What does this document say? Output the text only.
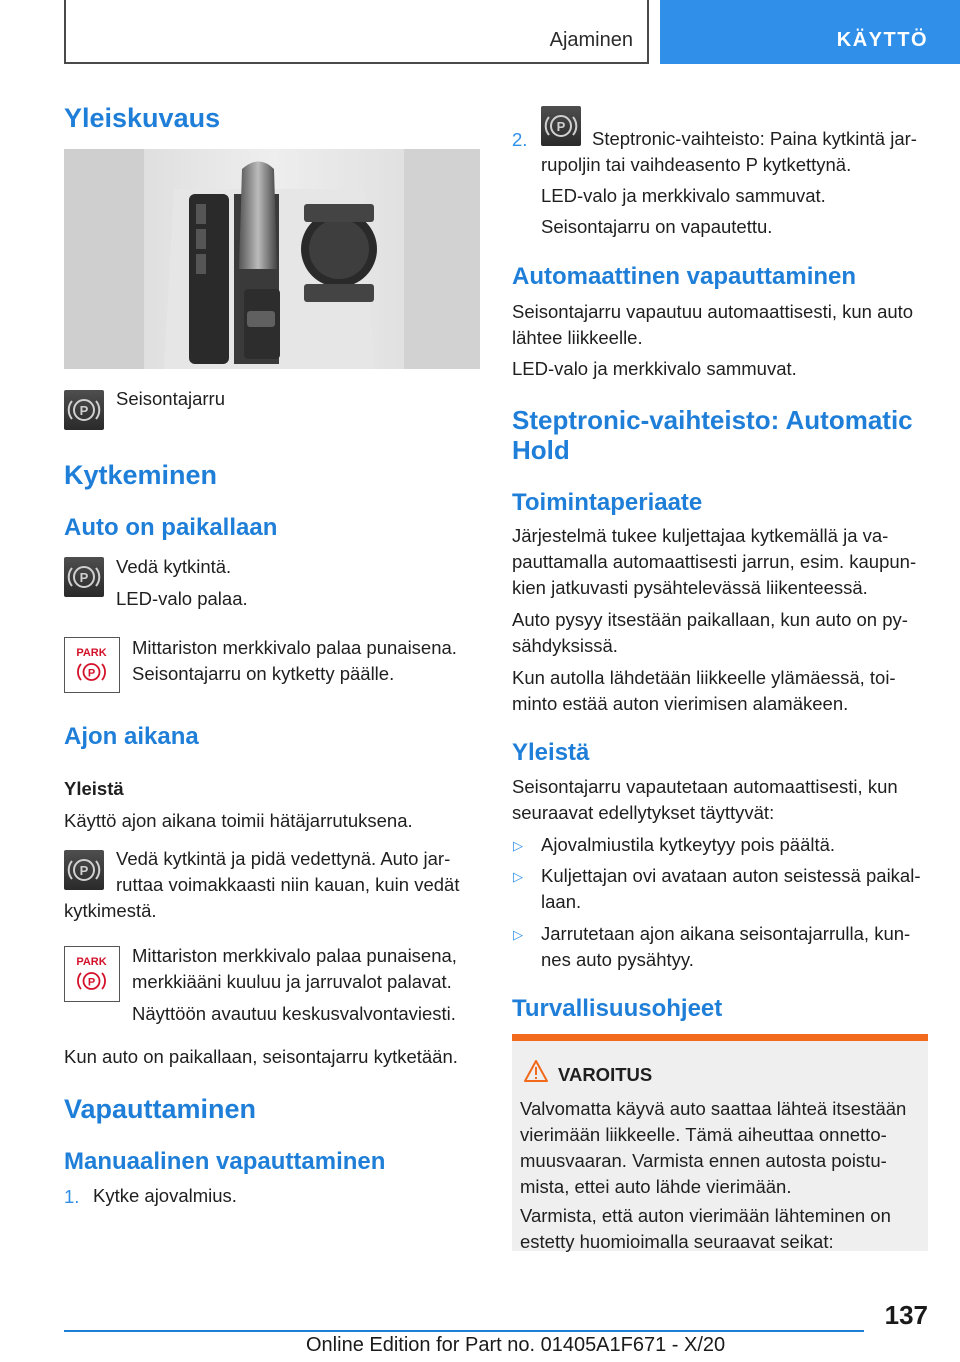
Ajaminen	KÄYTTÖ
Yleiskuvaus
P
Seisontajarru
Kytkeminen
Auto on paikallaan
P
Vedä kytkintä.
LED-valo palaa.
PARK
P
Mittariston merkkivalo palaa punaisena.
Seisontajarru on kytketty päälle.
Ajon aikana
Yleistä
Käyttö ajon aikana toimii hätäjarrutuksena.
P
Vedä kytkintä ja pidä vedettynä. Auto jar-
ruttaa voimakkaasti niin kauan, kuin vedät
kytkimestä.
PARK
P
Mittariston merkkivalo palaa punaisena,
merkkiääni kuuluu ja jarruvalot palavat.
Näyttöön avautuu keskusvalvontaviesti.
Kun auto on paikallaan, seisontajarru kytketään.
Vapauttaminen
Manuaalinen vapauttaminen
1. Kytke ajovalmius.
2.
P
Steptronic-vaihteisto: Paina kytkintä jar-
rupoljin tai vaihdeasento P kytkettynä.
LED-valo ja merkkivalo sammuvat.
Seisontajarru on vapautettu.
Automaattinen vapauttaminen
Seisontajarru vapautuu automaattisesti, kun auto
lähtee liikkeelle.
LED-valo ja merkkivalo sammuvat.
Steptronic-vaihteisto: Automatic
Hold
Toimintaperiaate
Järjestelmä tukee kuljettajaa kytkemällä ja va-
pauttamalla automaattisesti jarrun, esim. kaupun-
kien jatkuvasti pysähtelevässä liikenteessä.
Auto pysyy itsestään paikallaan, kun auto on py-
sähdyksissä.
Kun autolla lähdetään liikkeelle ylämäessä, toi-
minto estää auton vierimisen alamäkeen.
Yleistä
Seisontajarru vapautetaan automaattisesti, kun
seuraavat edellytykset täyttyvät:
▷ Ajovalmiustila kytkeytyy pois päältä.
▷ Kuljettajan ovi avataan auton seistessä paikal-
laan.
▷ Jarrutetaan ajon aikana seisontajarrulla, kun-
nes auto pysähtyy.
Turvallisuusohjeet
VAROITUS
Valvomatta käyvä auto saattaa lähteä itsestään
vierimään liikkeelle. Tämä aiheuttaa onnetto-
muusvaaran. Varmista ennen autosta poistu-
mista, ettei auto lähde vierimään.
Varmista, että auton vierimään lähteminen on
estetty huomioimalla seuraavat seikat:
137
Online Edition for Part no. 01405A1F671 - X/20
